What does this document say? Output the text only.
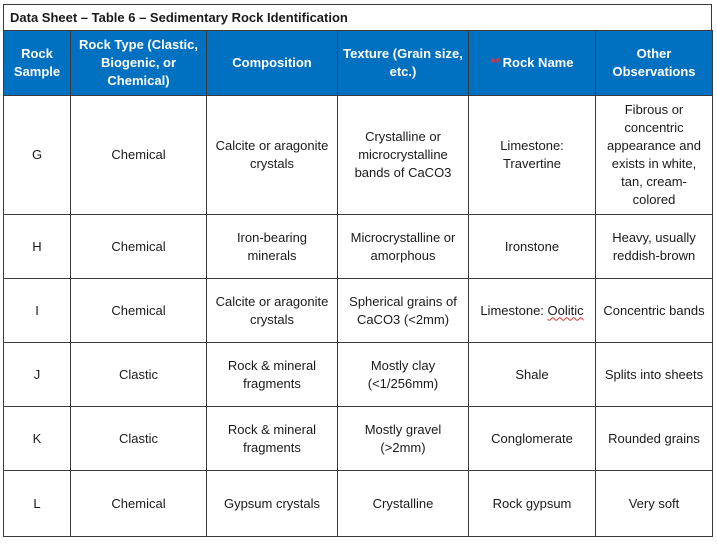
Data Sheet – Table 6 – Sedimentary Rock Identification
Rock Sample	Rock Type (Clastic, Biogenic, or Chemical)	Composition	Texture (Grain size, etc.)	** Rock Name	Other Observations
G	Chemical	Calcite or aragonite crystals	Crystalline or microcrystalline bands of CaCO3	Limestone: Travertine	Fibrous or concentric appearance and exists in white, tan, cream-colored
H	Chemical	Iron-bearing minerals	Microcrystalline or amorphous	Ironstone	Heavy, usually reddish-brown
I	Chemical	Calcite or aragonite crystals	Spherical grains of CaCO3 (<2mm)	Limestone: Oolitic	Concentric bands
J	Clastic	Rock & mineral fragments	Mostly clay (<1/256mm)	Shale	Splits into sheets
K	Clastic	Rock & mineral fragments	Mostly gravel (>2mm)	Conglomerate	Rounded grains
L	Chemical	Gypsum crystals	Crystalline	Rock gypsum	Very soft
